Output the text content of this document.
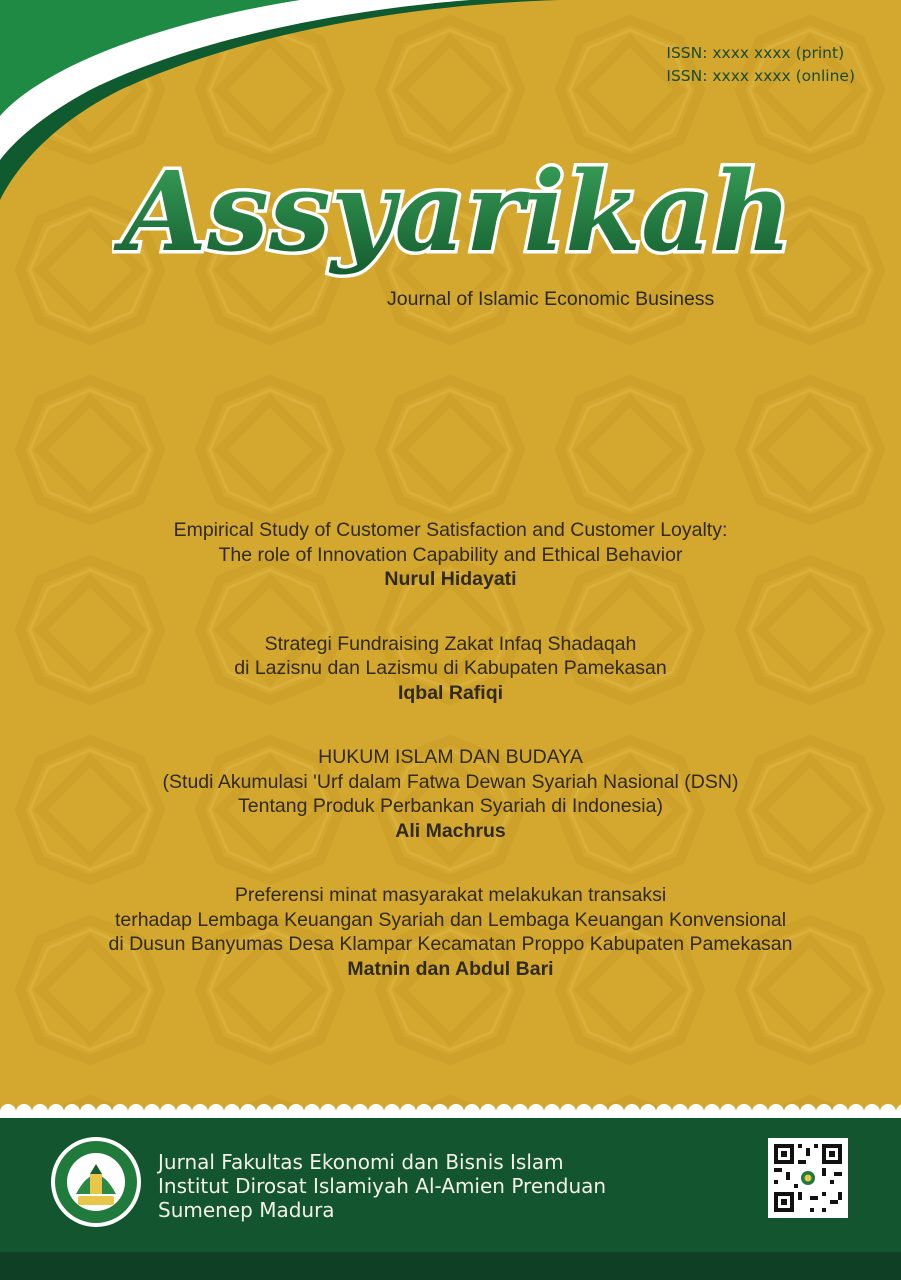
ISSN: xxxx xxxx (print)
ISSN: xxxx xxxx (online)
Assyarikah
Journal of Islamic Economic Business
Empirical Study of Customer Satisfaction and Customer Loyalty:
The role of Innovation Capability and Ethical Behavior
Nurul Hidayati
Strategi Fundraising Zakat Infaq Shadaqah
di Lazisnu dan Lazismu di Kabupaten Pamekasan
Iqbal Rafiqi
HUKUM ISLAM DAN BUDAYA
(Studi Akumulasi 'Urf dalam Fatwa Dewan Syariah Nasional (DSN)
Tentang Produk Perbankan Syariah di Indonesia)
Ali Machrus
Preferensi minat masyarakat melakukan transaksi
terhadap Lembaga Keuangan Syariah dan Lembaga Keuangan Konvensional
di Dusun Banyumas Desa Klampar Kecamatan Proppo Kabupaten Pamekasan
Matnin dan Abdul Bari
Jurnal Fakultas Ekonomi dan Bisnis Islam
Institut Dirosat Islamiyah Al-Amien Prenduan
Sumenep Madura
